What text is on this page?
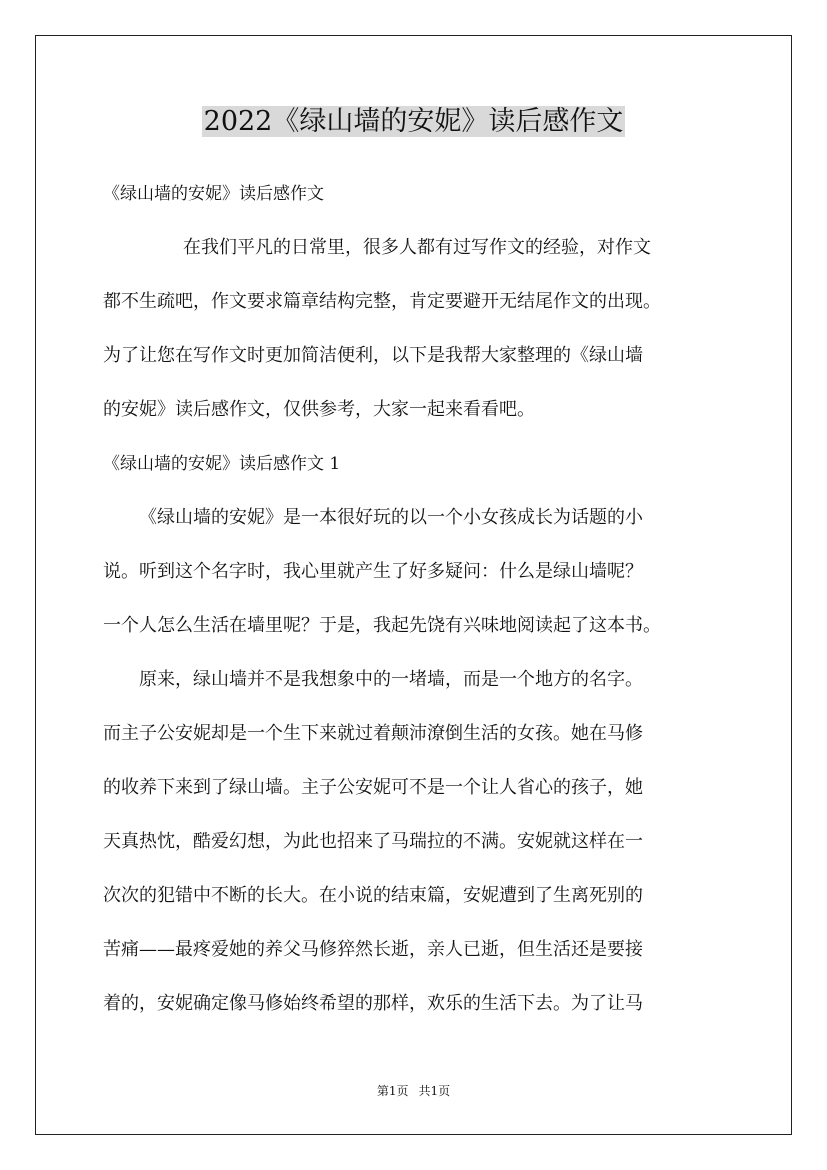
2022《绿山墙的安妮》读后感作文
《绿山墙的安妮》读后感作文
在我们平凡的日常里，很多人都有过写作文的经验，对作文
都不生疏吧，作文要求篇章结构完整，肯定要避开无结尾作文的出现。
为了让您在写作文时更加简洁便利，以下是我帮大家整理的《绿山墙
的安妮》读后感作文，仅供参考，大家一起来看看吧。
《绿山墙的安妮》读后感作文 1
《绿山墙的安妮》是一本很好玩的以一个小女孩成长为话题的小
说。听到这个名字时，我心里就产生了好多疑问：什么是绿山墙呢？
一个人怎么生活在墙里呢？于是，我起先饶有兴味地阅读起了这本书。
原来，绿山墙并不是我想象中的一堵墙，而是一个地方的名字。
而主子公安妮却是一个生下来就过着颠沛潦倒生活的女孩。她在马修
的收养下来到了绿山墙。主子公安妮可不是一个让人省心的孩子，她
天真热忱，酷爱幻想，为此也招来了马瑞拉的不满。安妮就这样在一
次次的犯错中不断的长大。在小说的结束篇，安妮遭到了生离死别的
苦痛——最疼爱她的养父马修猝然长逝，亲人已逝，但生活还是要接
着的，安妮确定像马修始终希望的那样，欢乐的生活下去。为了让马
第1页 共1页
